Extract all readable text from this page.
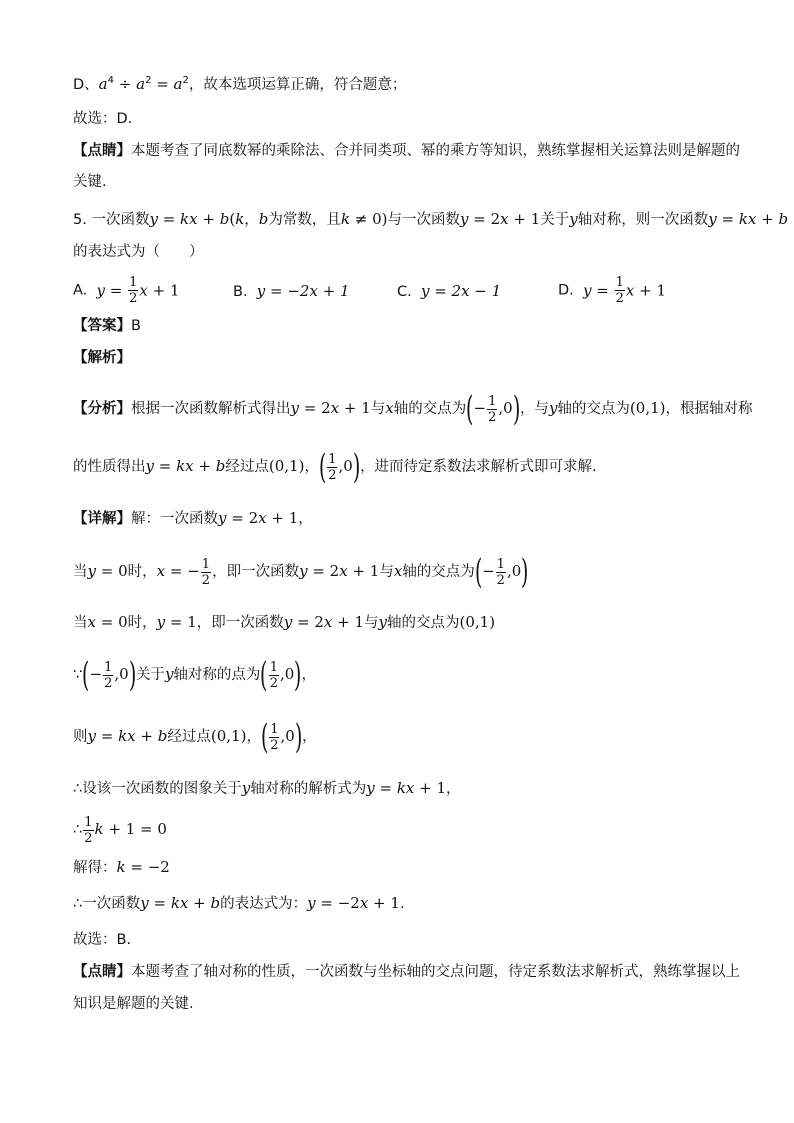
D、$a^4 \div a^2 = a^2$，故本选项运算正确，符合题意；
故选：D.
【点睛】本题考查了同底数幂的乘除法、合并同类项、幂的乘方等知识，熟练掌握相关运算法则是解题的
关键.
5. 一次函数y = kx + b(k，b为常数，且k ≠ 0)与一次函数y = 2x + 1关于y轴对称，则一次函数y = kx + b
的表达式为（　　）
A. $y = \frac{1}{2}$ x + 1	B. y = −2x + 1	C. y = 2x − 1	D. $y = \frac{1}{2}$ x + 1
【答案】B
【解析】
【分析】根据一次函数解析式得出y = 2x + 1与x轴的交点为(− $\frac{1}{2} ,0$)，与y轴的交点为(0,1)，根据轴对称
的性质得出y = kx + b经过点(0,1)，( $\frac{1}{2} ,0$)，进而待定系数法求解析式即可求解.
【详解】解：一次函数y = 2x + 1，
当y = 0时，x = − $\frac{1}{2}$ ，即一次函数y = 2x + 1与x轴的交点为(− $\frac{1}{2} ,0$)
当x = 0时，y = 1，即一次函数y = 2x + 1与y轴的交点为(0,1)
∵(− $\frac{1}{2} ,0$)关于y轴对称的点为( $\frac{1}{2} ,0$)，
则y = kx + b经过点(0,1)，( $\frac{1}{2} ,0$)，
∴设该一次函数的图象关于y轴对称的解析式为y = kx + 1，
∴ $\frac{1}{2}$ k + 1 = 0
解得：k = −2
∴一次函数y = kx + b的表达式为：y = −2x + 1.
故选：B.
【点睛】本题考查了轴对称的性质，一次函数与坐标轴的交点问题，待定系数法求解析式，熟练掌握以上
知识是解题的关键.
